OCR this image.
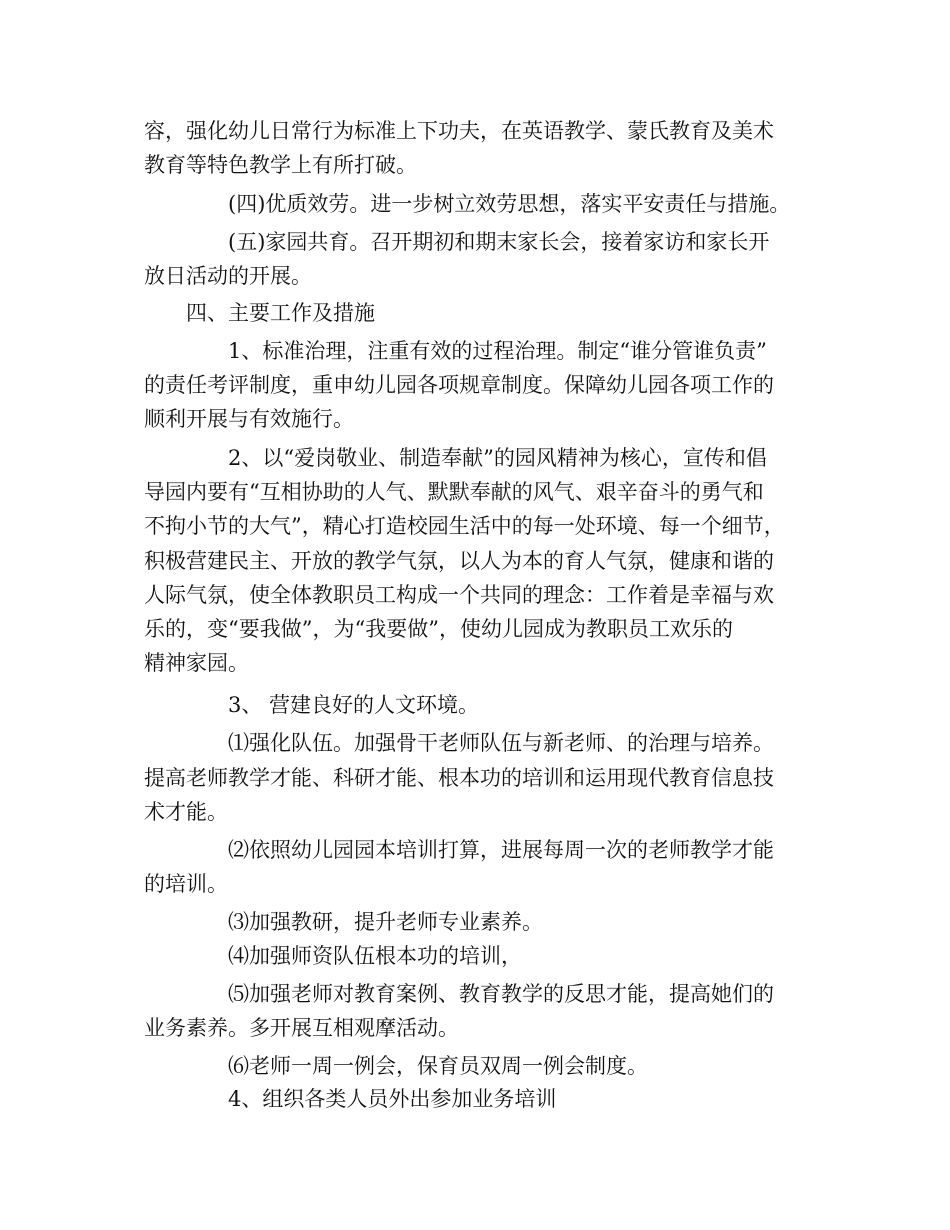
容，强化幼儿日常行为标准上下功夫，在英语教学、蒙氏教育及美术
教育等特色教学上有所打破。
(四)优质效劳。进一步树立效劳思想，落实平安责任与措施。
(五)家园共育。召开期初和期末家长会，接着家访和家长开
放日活动的开展。
四、主要工作及措施
1、标准治理，注重有效的过程治理。制定“谁分管谁负责”
的责任考评制度，重申幼儿园各项规章制度。保障幼儿园各项工作的
顺利开展与有效施行。
2、以“爱岗敬业、制造奉献”的园风精神为核心，宣传和倡
导园内要有“互相协助的人气、默默奉献的风气、艰辛奋斗的勇气和
不拘小节的大气”，精心打造校园生活中的每一处环境、每一个细节，
积极营建民主、开放的教学气氛，以人为本的育人气氛，健康和谐的
人际气氛，使全体教职员工构成一个共同的理念：工作着是幸福与欢
乐的，变“要我做”，为“我要做”，使幼儿园成为教职员工欢乐的
精神家园。
3、 营建良好的人文环境。
⑴强化队伍。加强骨干老师队伍与新老师、的治理与培养。
提高老师教学才能、科研才能、根本功的培训和运用现代教育信息技
术才能。
⑵依照幼儿园园本培训打算，进展每周一次的老师教学才能
的培训。
⑶加强教研，提升老师专业素养。
⑷加强师资队伍根本功的培训，
⑸加强老师对教育案例、教育教学的反思才能，提高她们的
业务素养。多开展互相观摩活动。
⑹老师一周一例会，保育员双周一例会制度。
4、组织各类人员外出参加业务培训
